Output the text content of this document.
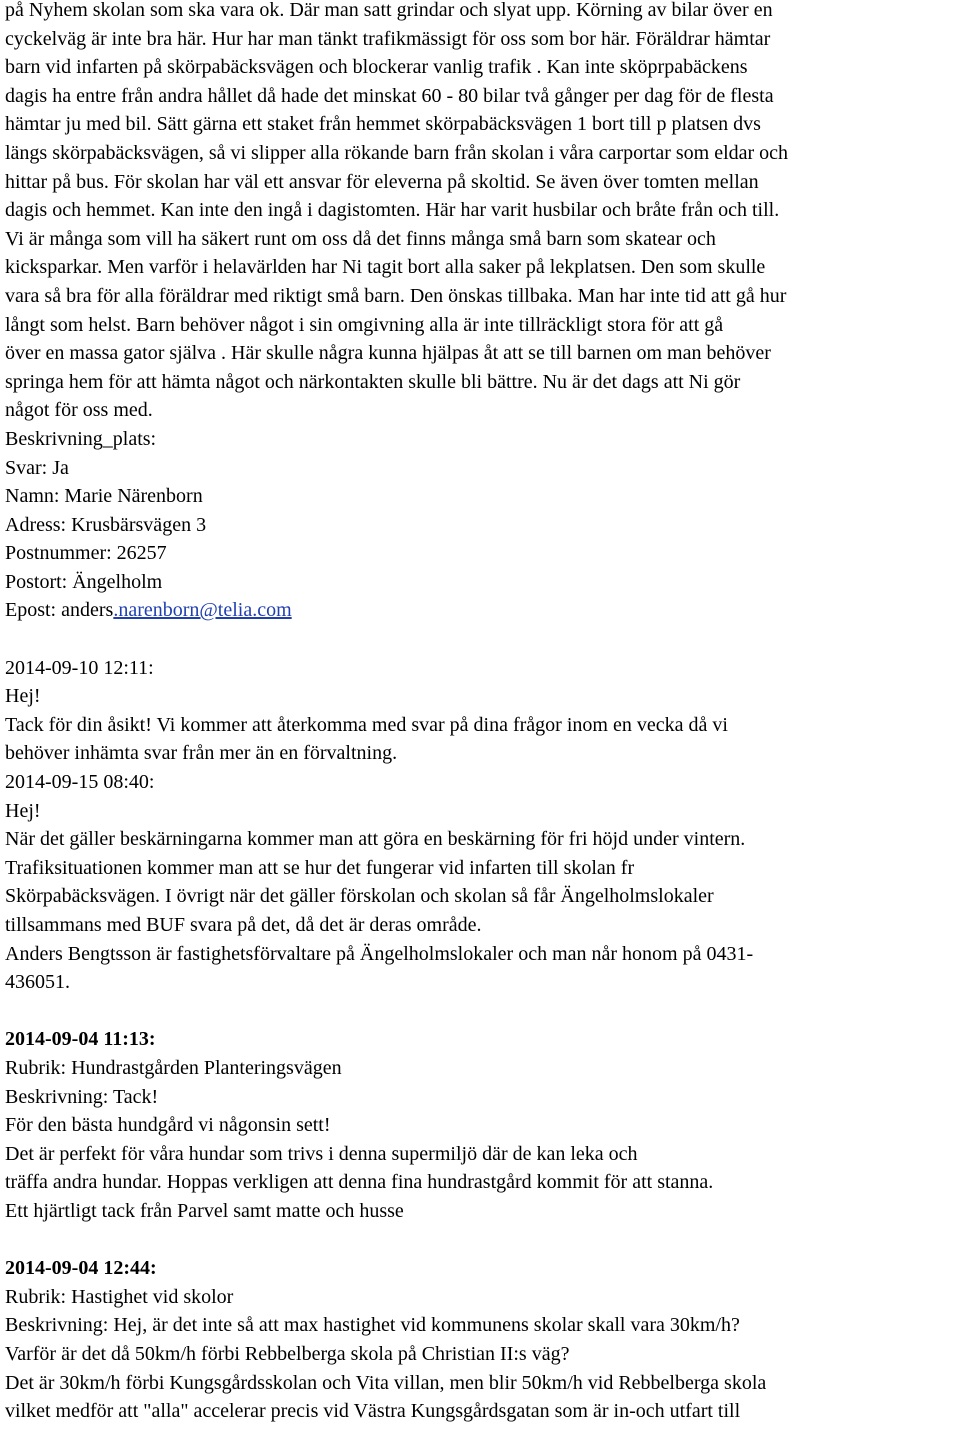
på Nyhem skolan som ska vara ok. Där man satt grindar och slyat upp. Körning av bilar över en
cyckelväg är inte bra här. Hur har man tänkt trafikmässigt för oss som bor här. Föräldrar hämtar
barn vid infarten på skörpabäcksvägen och blockerar vanlig trafik . Kan inte sköprpabäckens
dagis ha entre från andra hållet då hade det minskat 60 - 80 bilar två gånger per dag för de flesta
hämtar ju med bil. Sätt gärna ett staket från hemmet skörpabäcksvägen 1 bort till p platsen dvs
längs skörpabäcksvägen, så vi slipper alla rökande barn från skolan i våra carportar som eldar och
hittar på bus. För skolan har väl ett ansvar för eleverna på skoltid. Se även över tomten mellan
dagis och hemmet. Kan inte den ingå i dagistomten. Här har varit husbilar och bråte från och till.
Vi är många som vill ha säkert runt om oss då det finns många små barn som skatear och
kicksparkar. Men varför i helavärlden har Ni tagit bort alla saker på lekplatsen. Den som skulle
vara så bra för alla föräldrar med riktigt små barn. Den önskas tillbaka. Man har inte tid att gå hur
långt som helst. Barn behöver något i sin omgivning alla är inte tillräckligt stora för att gå
över en massa gator själva . Här skulle några kunna hjälpas åt att se till barnen om man behöver
springa hem för att hämta något och närkontakten skulle bli bättre. Nu är det dags att Ni gör
något för oss med.
Beskrivning_plats:
Svar: Ja
Namn: Marie Närenborn
Adress: Krusbärsvägen 3
Postnummer: 26257
Postort: Ängelholm
Epost: anders.narenborn@telia.com
2014-09-10 12:11:
Hej!
Tack för din åsikt! Vi kommer att återkomma med svar på dina frågor inom en vecka då vi
behöver inhämta svar från mer än en förvaltning.
2014-09-15 08:40:
Hej!
När det gäller beskärningarna kommer man att göra en beskärning för fri höjd under vintern.
Trafiksituationen kommer man att se hur det fungerar vid infarten till skolan fr
Skörpabäcksvägen. I övrigt när det gäller förskolan och skolan så får Ängelholmslokaler
tillsammans med BUF svara på det, då det är deras område.
Anders Bengtsson är fastighetsförvaltare på Ängelholmslokaler och man når honom på 0431-
436051.
2014-09-04 11:13:
Rubrik: Hundrastgården Planteringsvägen
Beskrivning: Tack!
För den bästa hundgård vi någonsin sett!
Det är perfekt för våra hundar som trivs i denna supermiljö där de kan leka och
träffa andra hundar. Hoppas verkligen att denna fina hundrastgård kommit för att stanna.
Ett hjärtligt tack från Parvel samt matte och husse
2014-09-04 12:44:
Rubrik: Hastighet vid skolor
Beskrivning: Hej, är det inte så att max hastighet vid kommunens skolar skall vara 30km/h?
Varför är det då 50km/h förbi Rebbelberga skola på Christian II:s väg?
Det är 30km/h förbi Kungsgårdsskolan och Vita villan, men blir 50km/h vid Rebbelberga skola
vilket medför att "alla" accelerar precis vid Västra Kungsgårdsgatan som är in-och utfart till
